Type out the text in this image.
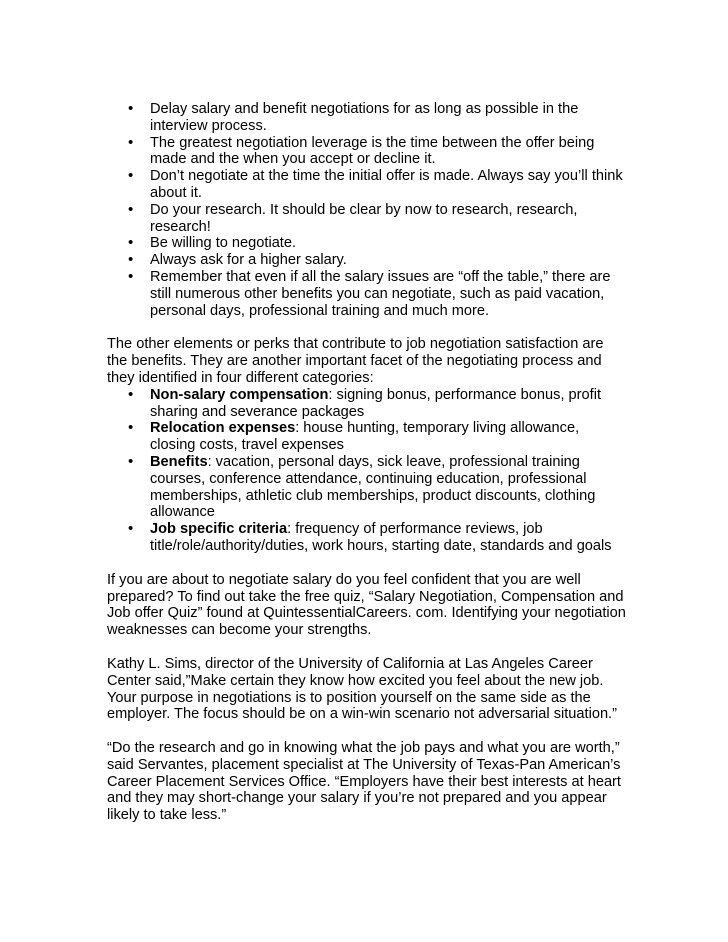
• Delay salary and benefit negotiations for as long as possible in the interview process.
• The greatest negotiation leverage is the time between the offer being made and the when you accept or decline it.
• Don’t negotiate at the time the initial offer is made. Always say you’ll think about it.
• Do your research. It should be clear by now to research, research, research!
• Be willing to negotiate.
• Always ask for a higher salary.
• Remember that even if all the salary issues are “off the table,” there are still numerous other benefits you can negotiate, such as paid vacation, personal days, professional training and much more.

The other elements or perks that contribute to job negotiation satisfaction are the benefits. They are another important facet of the negotiating process and they identified in four different categories:

• Non-salary compensation: signing bonus, performance bonus, profit sharing and severance packages
• Relocation expenses: house hunting, temporary living allowance, closing costs, travel expenses
• Benefits: vacation, personal days, sick leave, professional training courses, conference attendance, continuing education, professional memberships, athletic club memberships, product discounts, clothing allowance
• Job specific criteria: frequency of performance reviews, job title/role/authority/duties, work hours, starting date, standards and goals

If you are about to negotiate salary do you feel confident that you are well prepared? To find out take the free quiz, “Salary Negotiation, Compensation and Job offer Quiz” found at QuintessentialCareers. com. Identifying your negotiation weaknesses can become your strengths.

Kathy L. Sims, director of the University of California at Las Angeles Career Center said,”Make certain they know how excited you feel about the new job. Your purpose in negotiations is to position yourself on the same side as the employer. The focus should be on a win-win scenario not adversarial situation.”

“Do the research and go in knowing what the job pays and what you are worth,” said Servantes, placement specialist at The University of Texas-Pan American’s Career Placement Services Office. “Employers have their best interests at heart and they may short-change your salary if you’re not prepared and you appear likely to take less.”
